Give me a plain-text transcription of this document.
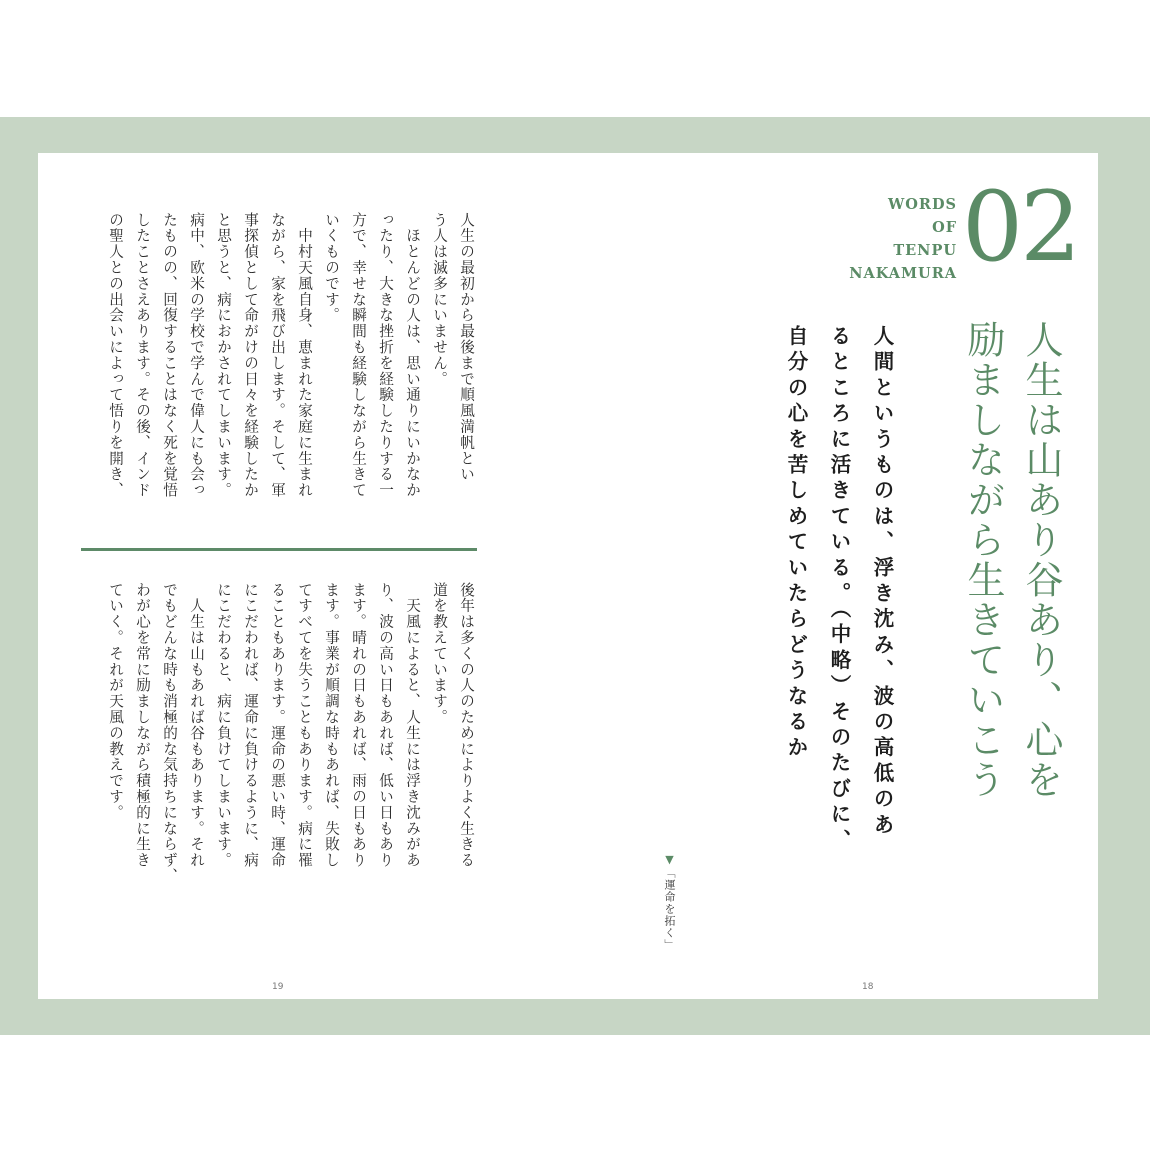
人生の最初から最後まで順風満帆とい
う人は滅多にいません。
　ほとんどの人は、思い通りにいかなか
ったり、大きな挫折を経験したりする一
方で、幸せな瞬間も経験しながら生きて
いくものです。
　中村天風自身、恵まれた家庭に生まれ
ながら、家を飛び出します。そして、軍
事探偵として命がけの日々を経験したか
と思うと、病におかされてしまいます。
病中、欧米の学校で学んで偉人にも会っ
たものの、回復することはなく死を覚悟
したことさえあります。その後、インド
の聖人との出会いによって悟りを開き、
後年は多くの人のためによりよく生きる
道を教えています。
　天風によると、人生には浮き沈みがあ
り、波の高い日もあれば、低い日もあり
ます。晴れの日もあれば、雨の日もあり
ます。事業が順調な時もあれば、失敗し
てすべてを失うこともあります。病に罹
ることもあります。運命の悪い時、運命
にこだわれば、運命に負けるように、病
にこだわると、病に負けてしまいます。
　人生は山もあれば谷もあります。それ
でもどんな時も消極的な気持ちにならず、
わが心を常に励ましながら積極的に生き
ていく。それが天風の教えです。
WORDS
OF
TENPU
NAKAMURA 02
人生は山あり谷あり、心を
励ましながら生きていこう
人間というものは、浮き沈み、波の高低のあ
るところに活きている。（中略）そのたびに、
自分の心を苦しめていたらどうなるか

▼「運命を拓く」

19	18
